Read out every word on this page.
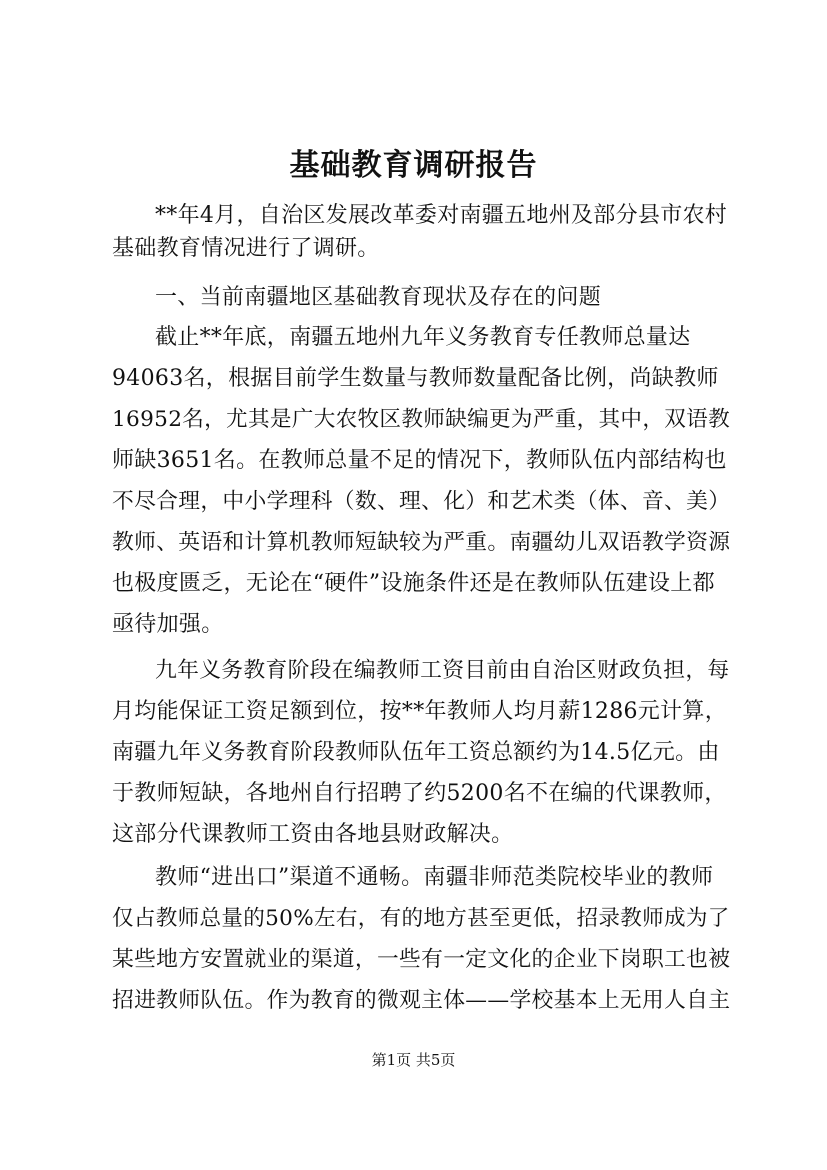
基础教育调研报告
**年4月，自治区发展改革委对南疆五地州及部分县市农村
基础教育情况进行了调研。
一、当前南疆地区基础教育现状及存在的问题
截止**年底，南疆五地州九年义务教育专任教师总量达
94063名，根据目前学生数量与教师数量配备比例，尚缺教师
16952名，尤其是广大农牧区教师缺编更为严重，其中，双语教
师缺3651名。在教师总量不足的情况下，教师队伍内部结构也
不尽合理，中小学理科（数、理、化）和艺术类（体、音、美）
教师、英语和计算机教师短缺较为严重。南疆幼儿双语教学资源
也极度匮乏，无论在“硬件”设施条件还是在教师队伍建设上都
亟待加强。
九年义务教育阶段在编教师工资目前由自治区财政负担，每
月均能保证工资足额到位，按**年教师人均月薪1286元计算，
南疆九年义务教育阶段教师队伍年工资总额约为14.5亿元。由
于教师短缺，各地州自行招聘了约5200名不在编的代课教师，
这部分代课教师工资由各地县财政解决。
教师“进出口”渠道不通畅。南疆非师范类院校毕业的教师
仅占教师总量的50%左右，有的地方甚至更低，招录教师成为了
某些地方安置就业的渠道，一些有一定文化的企业下岗职工也被
招进教师队伍。作为教育的微观主体——学校基本上无用人自主
第1页 共5页
